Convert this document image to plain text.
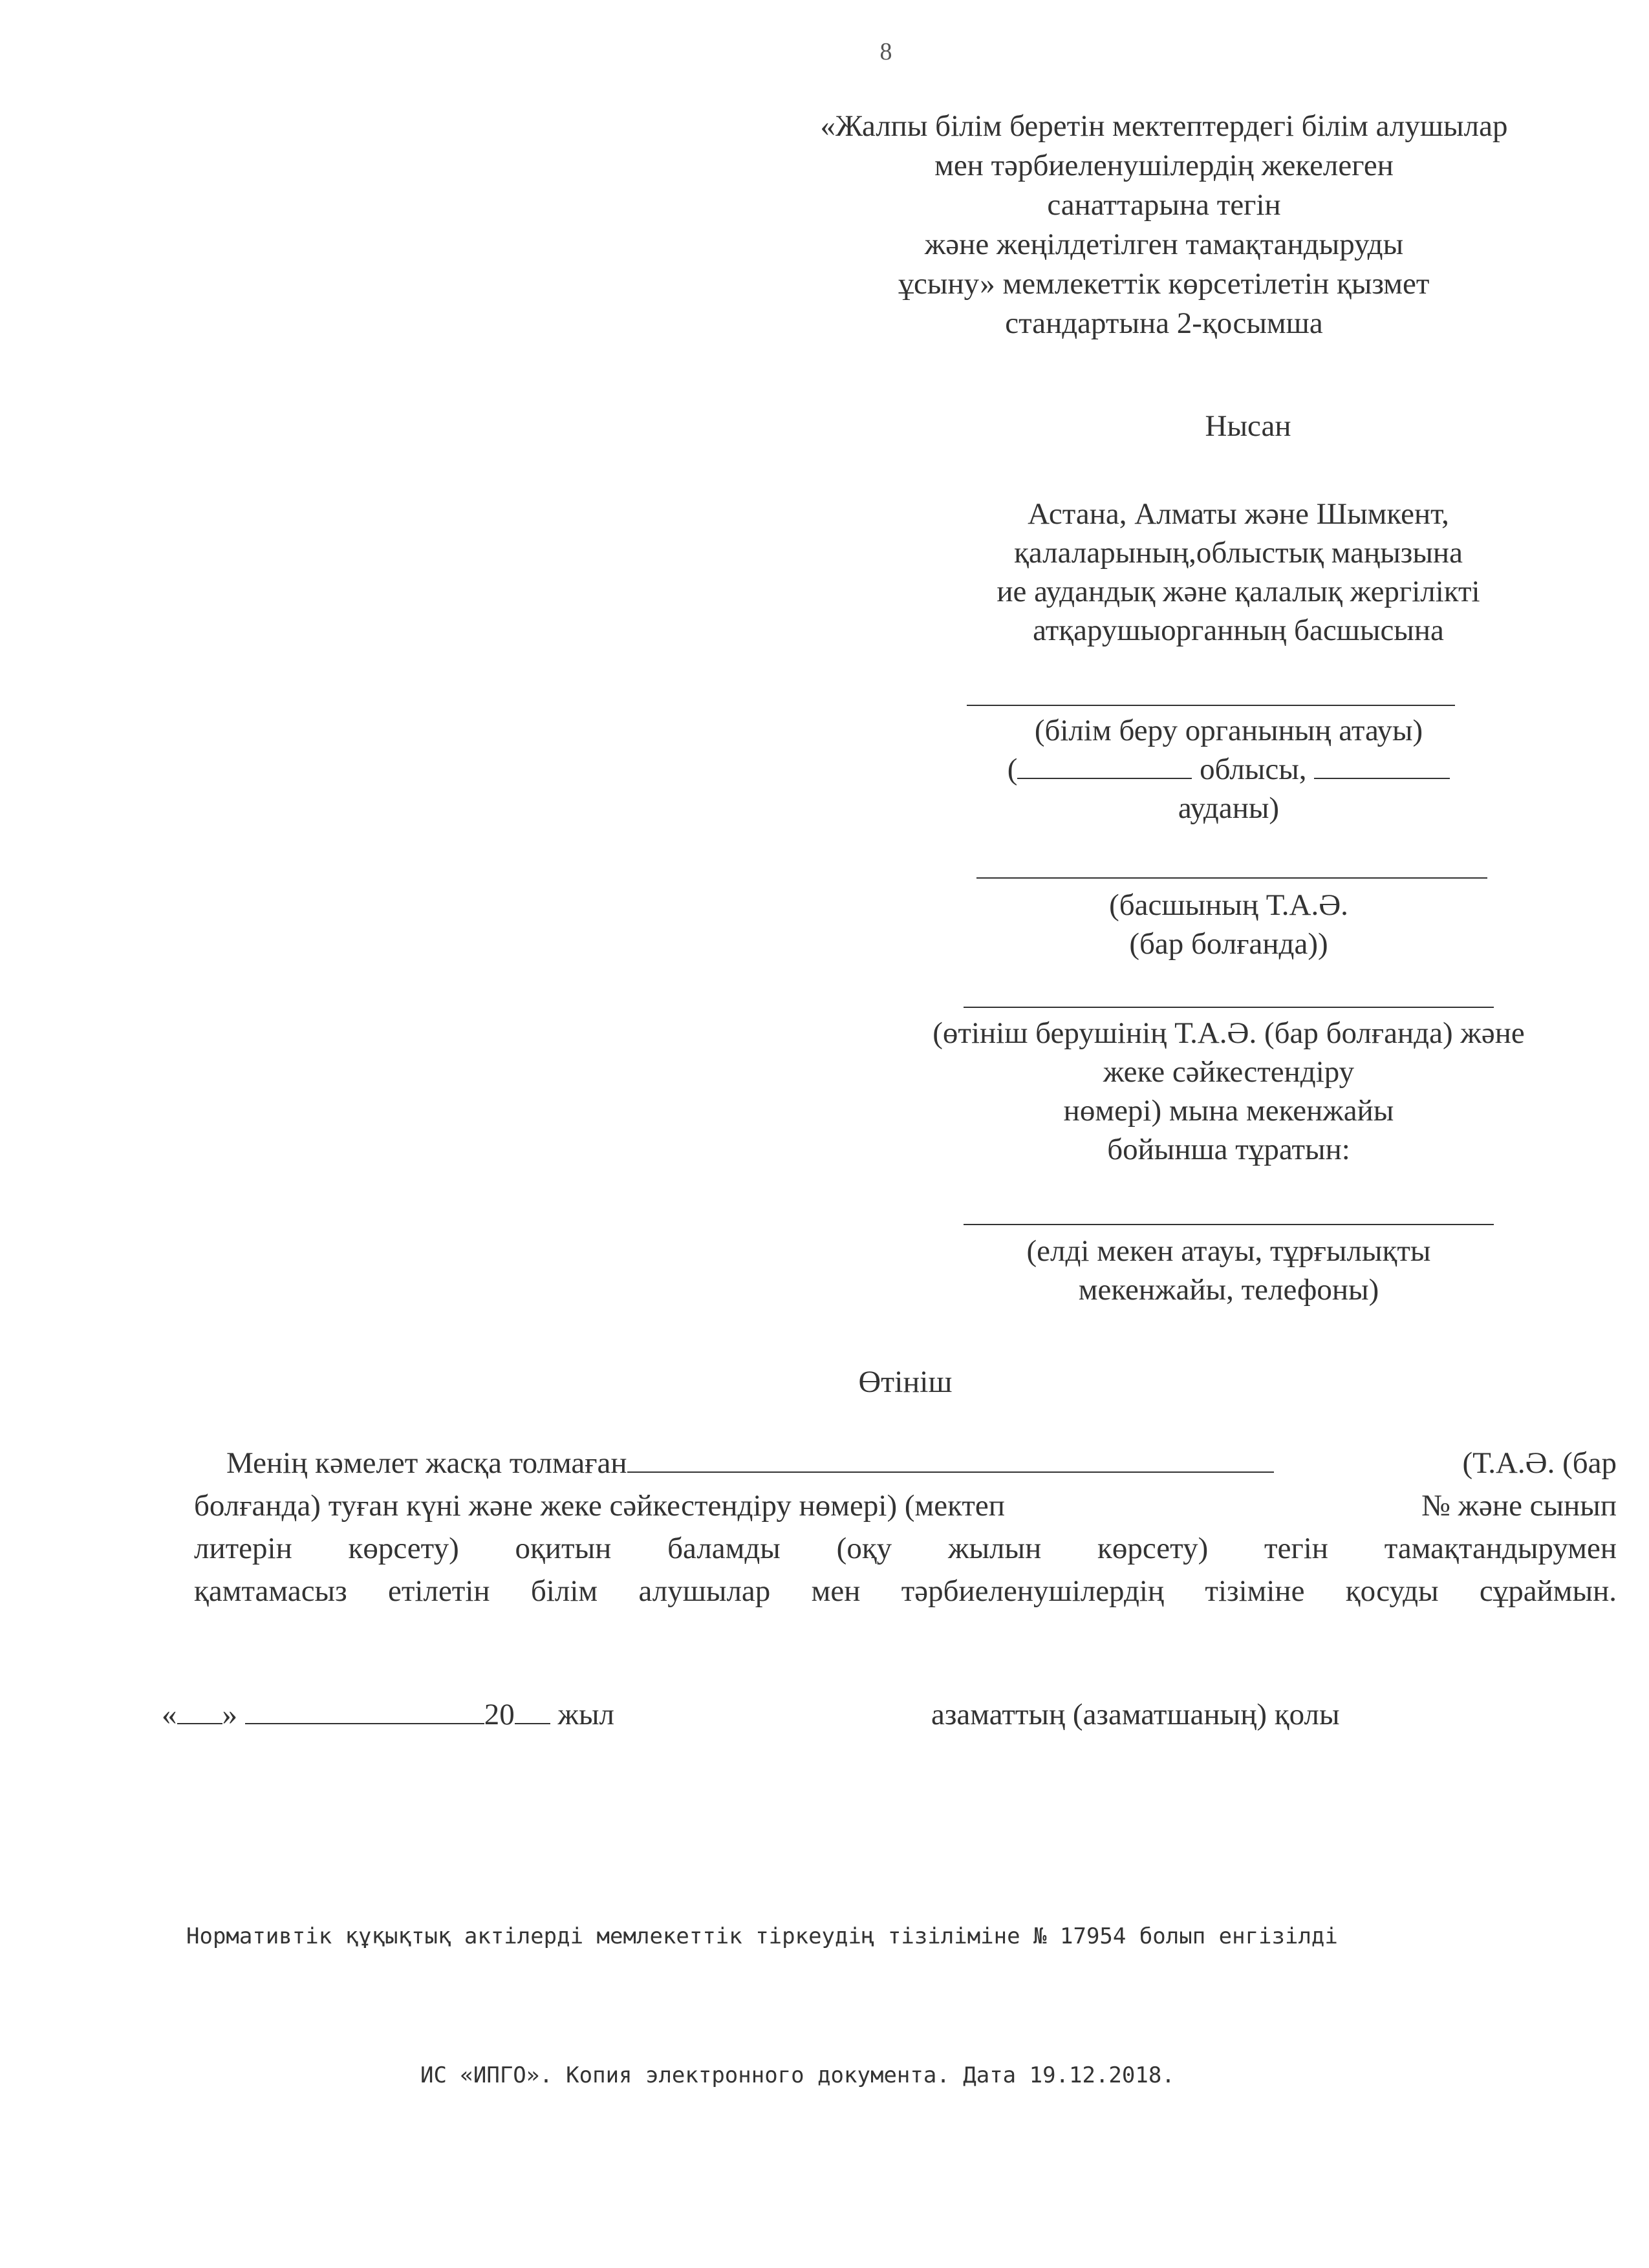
8
«Жалпы білім беретін мектептердегі білім алушылар
мен тәрбиеленушілердің жекелеген
санаттарына тегін
және жеңілдетілген тамақтандыруды
ұсыну» мемлекеттік көрсетілетін қызмет
стандартына 2-қосымша
Нысан
Астана, Алматы және Шымкент,
қалаларының,облыстық маңызына
ие аудандық және қалалық жергілікті
атқарушыорганның басшысына
(білім беру органының атауы)
(	облысы,
ауданы)
(басшының Т.А.Ә.
(бар болғанда))
(өтініш берушінің Т.А.Ә. (бар болғанда) және
жеке сәйкестендіру
нөмері) мына мекенжайы
бойынша тұратын:
(елді мекен атауы, тұрғылықты
мекенжайы, телефоны)
Өтініш
Менің кәмелет жасқа толмаған	(Т.А.Ә. (бар
болғанда) туған күні және жеке сәйкестендіру нөмері) (мектеп	№ және сынып
литерін көрсету) оқитын баламды (оқу жылын көрсету) тегін тамақтандырумен
қамтамасыз етілетін білім алушылар мен тәрбиеленушілердің тізіміне қосуды сұраймын.
« »	20 жыл	азаматтың (азаматшаның) қолы
Нормативтік құқықтық актілерді мемлекеттік тіркеудің тізіліміне № 17954 болып енгізілді
ИС «ИПГО». Копия электронного документа. Дата 19.12.2018.
